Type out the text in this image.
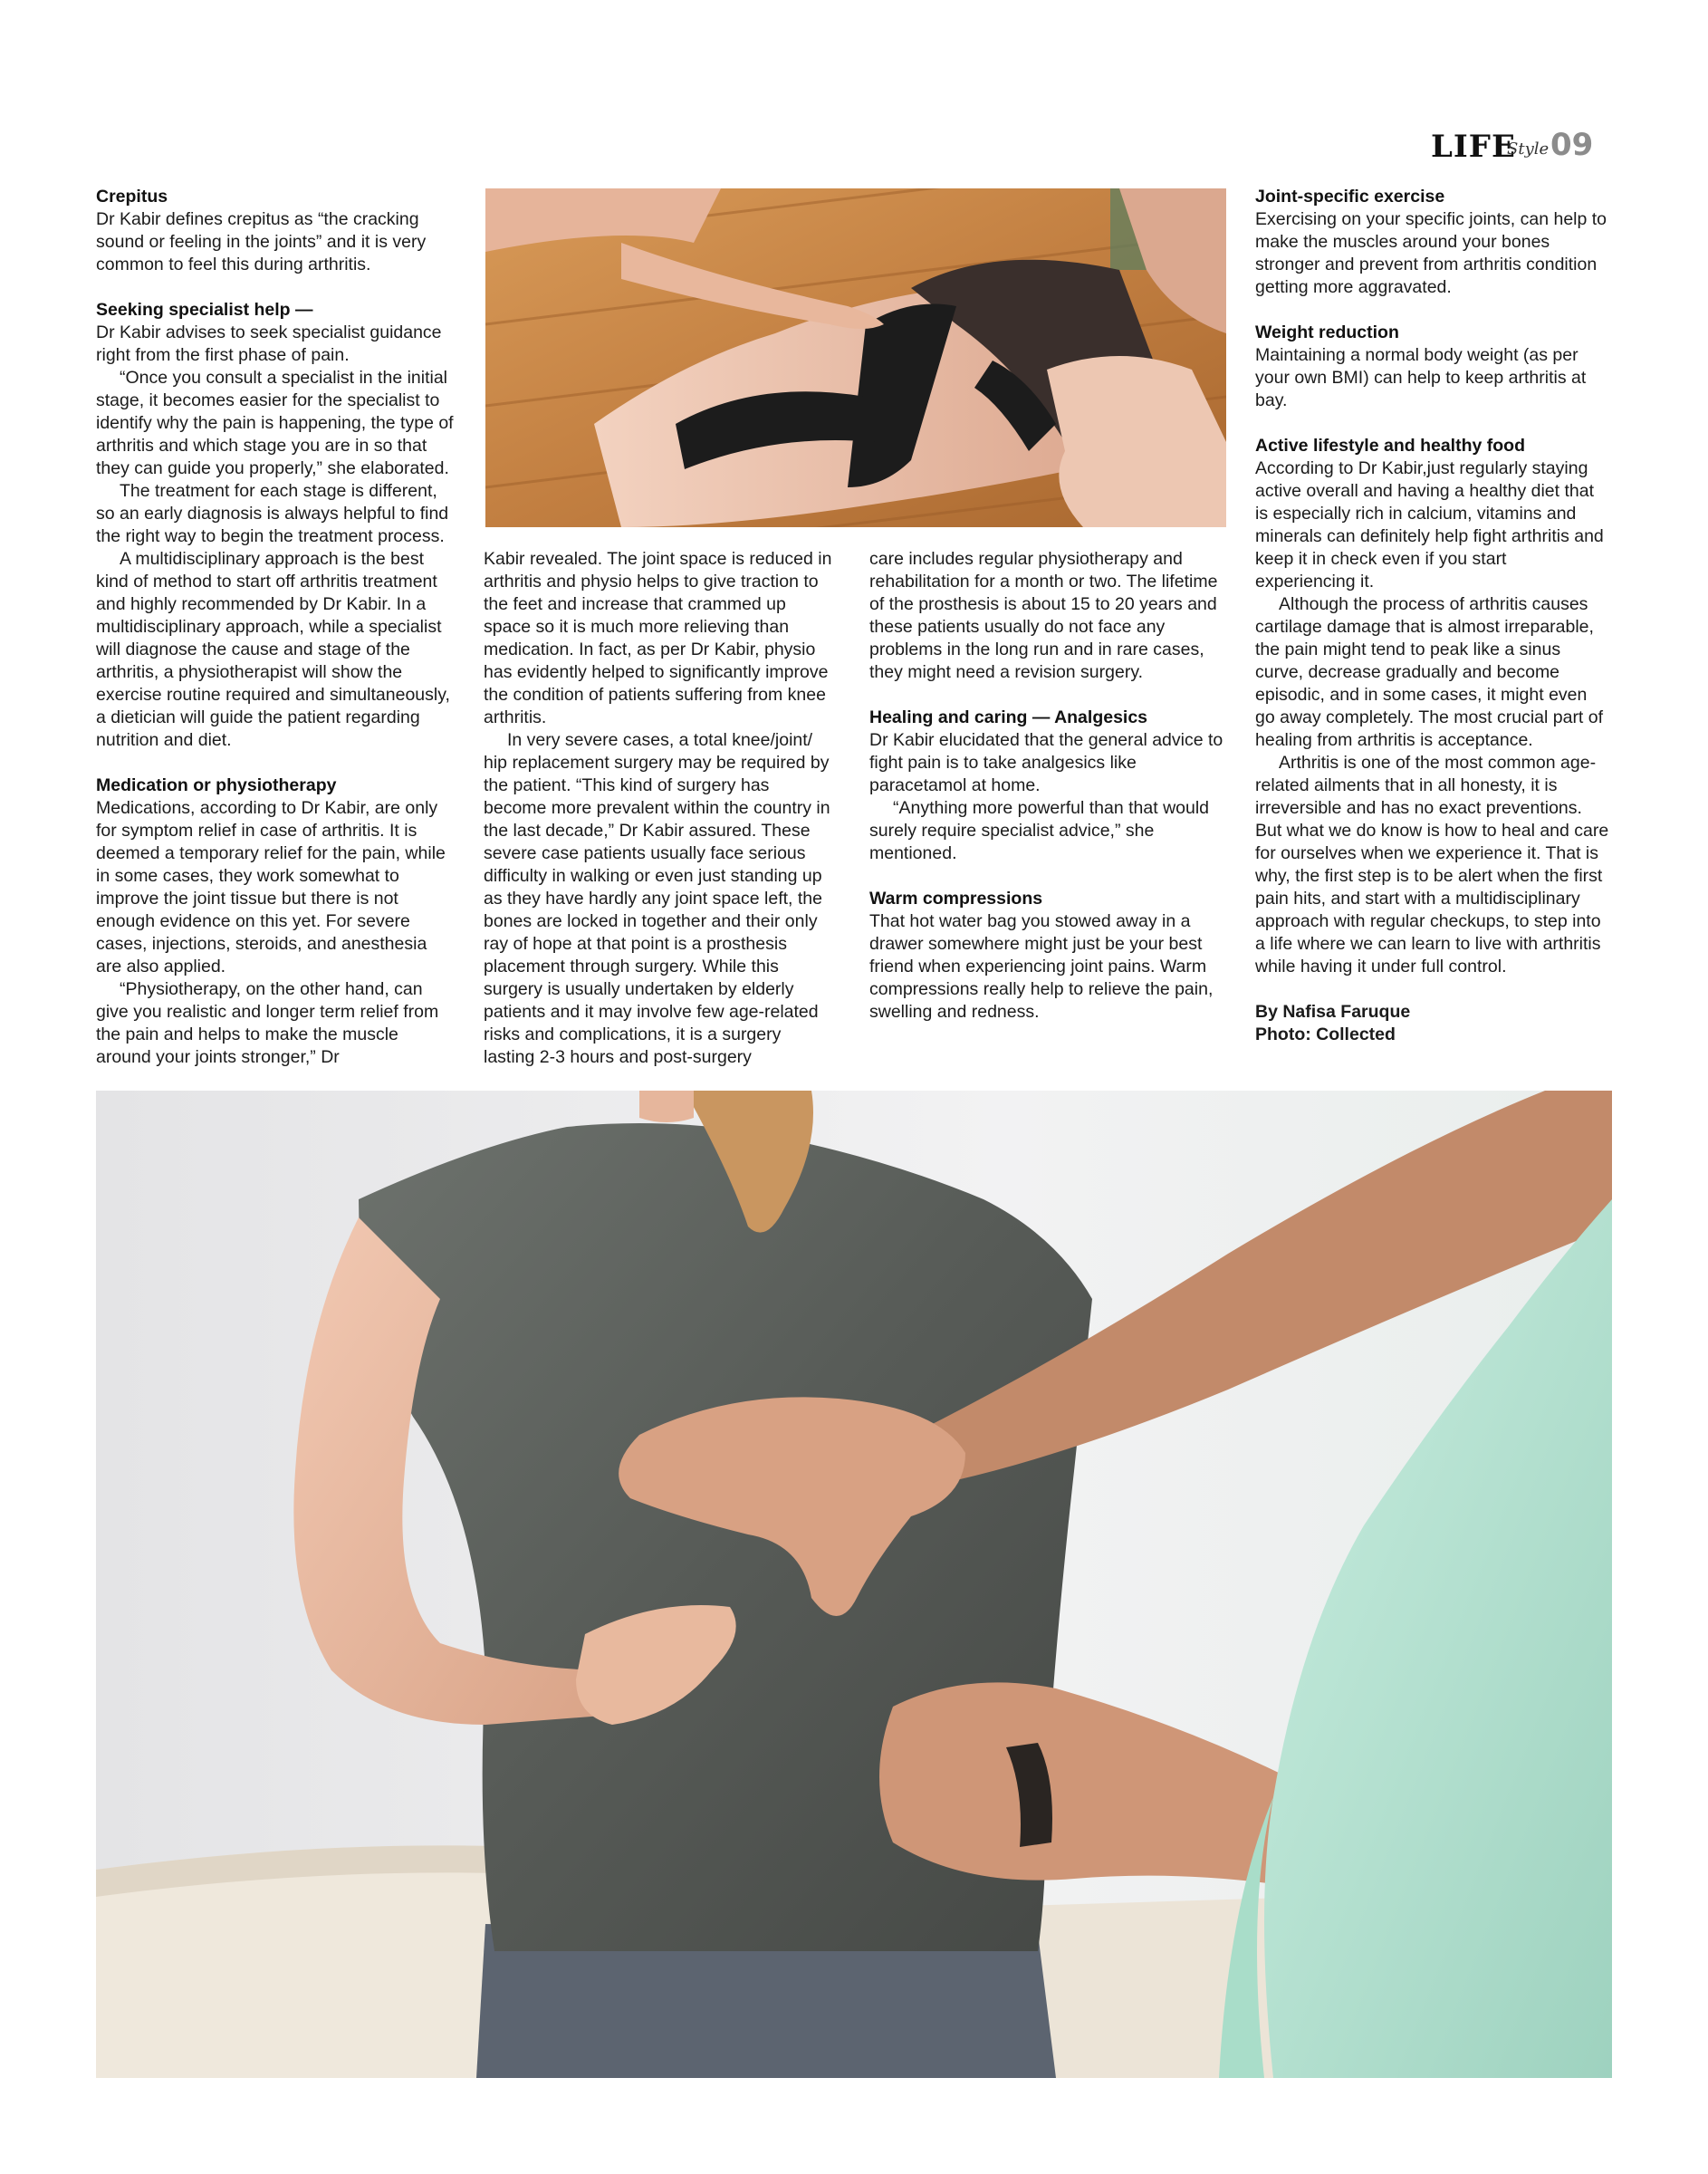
LIFE
Style 09
Crepitus

Dr Kabir defines crepitus as “the cracking sound or feeling in the joints” and it is very common to feel this during arthritis.

Seeking specialist help —

Dr Kabir advises to seek specialist guidance right from the first phase of pain.

“Once you consult a specialist in the initial stage, it becomes easier for the specialist to identify why the pain is happening, the type of arthritis and which stage you are in so that they can guide you properly,” she elaborated.

The treatment for each stage is different, so an early diagnosis is always helpful to find the right way to begin the treatment process.

A multidisciplinary approach is the best kind of method to start off arthritis treatment and highly recommended by Dr Kabir. In a multidisciplinary approach, while a specialist will diagnose the cause and stage of the arthritis, a physiotherapist will show the exercise routine required and simultaneously, a dietician will guide the patient regarding nutrition and diet.

Medication or physiotherapy

Medications, according to Dr Kabir, are only for symptom relief in case of arthritis. It is deemed a temporary relief for the pain, while in some cases, they work somewhat to improve the joint tissue but there is not enough evidence on this yet. For severe cases, injections, steroids, and anesthesia are also applied.

“Physiotherapy, on the other hand, can give you realistic and longer term relief from the pain and helps to make the muscle around your joints stronger,” Dr

Kabir revealed. The joint space is reduced in arthritis and physio helps to give traction to the feet and increase that crammed up space so it is much more relieving than medication. In fact, as per Dr Kabir, physio has evidently helped to significantly improve the condition of patients suffering from knee arthritis.

In very severe cases, a total knee/joint/ hip replacement surgery may be required by the patient. “This kind of surgery has become more prevalent within the country in the last decade,” Dr Kabir assured. These severe case patients usually face serious difficulty in walking or even just standing up as they have hardly any joint space left, the bones are locked in together and their only ray of hope at that point is a prosthesis placement through surgery. While this surgery is usually undertaken by elderly patients and it may involve few age-related risks and complications, it is a surgery lasting 2-3 hours and post-surgery

care includes regular physiotherapy and rehabilitation for a month or two. The lifetime of the prosthesis is about 15 to 20 years and these patients usually do not face any problems in the long run and in rare cases, they might need a revision surgery.

Healing and caring — Analgesics

Dr Kabir elucidated that the general advice to fight pain is to take analgesics like paracetamol at home.

“Anything more powerful than that would surely require specialist advice,” she mentioned.

Warm compressions

That hot water bag you stowed away in a drawer somewhere might just be your best friend when experiencing joint pains. Warm compressions really help to relieve the pain, swelling and redness.

Joint-specific exercise

Exercising on your specific joints, can help to make the muscles around your bones stronger and prevent from arthritis condition getting more aggravated.

Weight reduction

Maintaining a normal body weight (as per your own BMI) can help to keep arthritis at bay.

Active lifestyle and healthy food

According to Dr Kabir,just regularly staying active overall and having a healthy diet that is especially rich in calcium, vitamins and minerals can definitely help fight arthritis and keep it in check even if you start experiencing it.

Although the process of arthritis causes cartilage damage that is almost irreparable, the pain might tend to peak like a sinus curve, decrease gradually and become episodic, and in some cases, it might even go away completely. The most crucial part of healing from arthritis is acceptance.

Arthritis is one of the most common age-related ailments that in all honesty, it is irreversible and has no exact preventions. But what we do know is how to heal and care for ourselves when we experience it. That is why, the first step is to be alert when the first pain hits, and start with a multidisciplinary approach with regular checkups, to step into a life where we can learn to live with arthritis while having it under full control.

By Nafisa Faruque

Photo: Collected
